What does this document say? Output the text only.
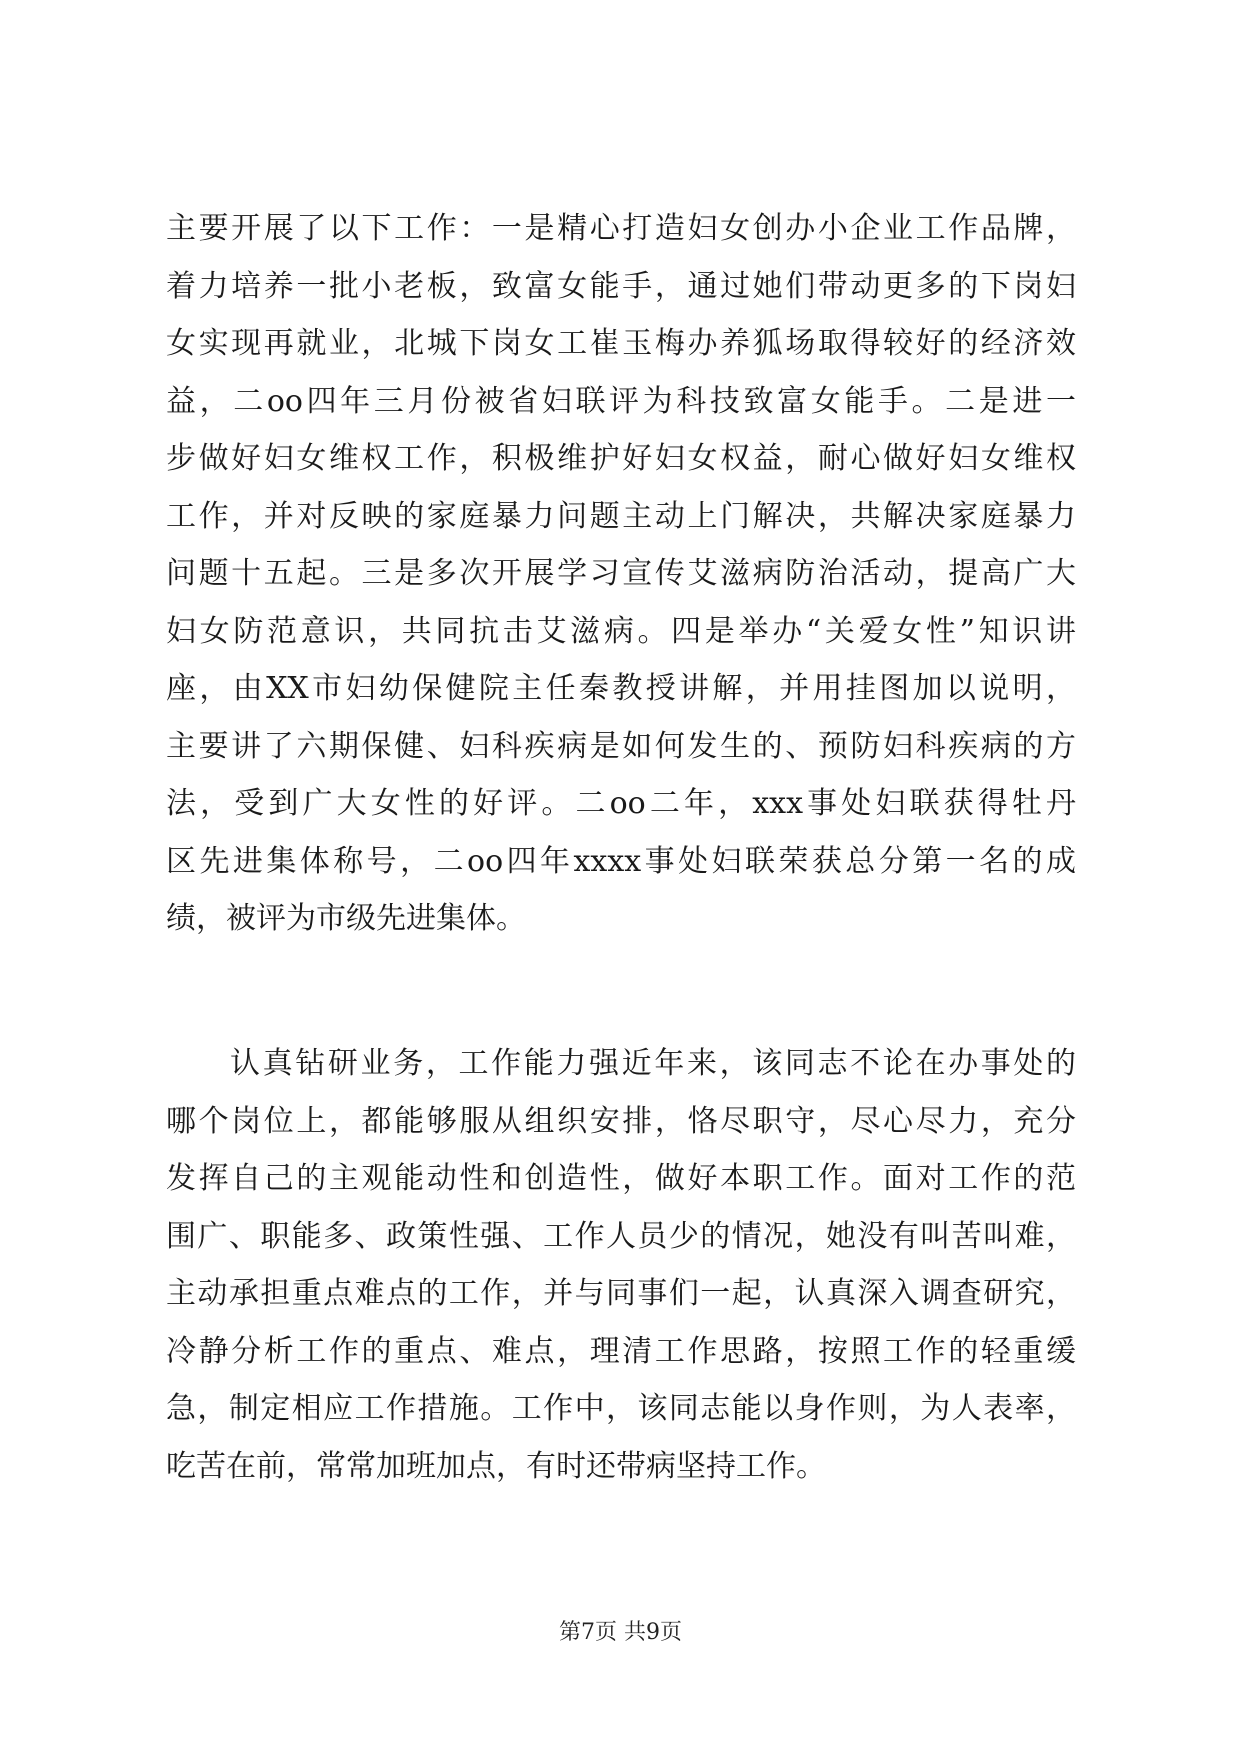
主要开展了以下工作：一是精心打造妇女创办小企业工作品牌，
着力培养一批小老板，致富女能手，通过她们带动更多的下岗妇
女实现再就业，北城下岗女工崔玉梅办养狐场取得较好的经济效
益，二oo四年三月份被省妇联评为科技致富女能手。二是进一
步做好妇女维权工作，积极维护好妇女权益，耐心做好妇女维权
工作，并对反映的家庭暴力问题主动上门解决，共解决家庭暴力
问题十五起。三是多次开展学习宣传艾滋病防治活动，提高广大
妇女防范意识，共同抗击艾滋病。四是举办“关爱女性”知识讲
座，由XX市妇幼保健院主任秦教授讲解，并用挂图加以说明，
主要讲了六期保健、妇科疾病是如何发生的、预防妇科疾病的方
法，受到广大女性的好评。二oo二年，xxx事处妇联获得牡丹
区先进集体称号，二oo四年xxxx事处妇联荣获总分第一名的成
绩，被评为市级先进集体。
认真钻研业务，工作能力强近年来，该同志不论在办事处的
哪个岗位上，都能够服从组织安排，恪尽职守，尽心尽力，充分
发挥自己的主观能动性和创造性，做好本职工作。面对工作的范
围广、职能多、政策性强、工作人员少的情况，她没有叫苦叫难，
主动承担重点难点的工作，并与同事们一起，认真深入调查研究，
冷静分析工作的重点、难点，理清工作思路，按照工作的轻重缓
急，制定相应工作措施。工作中，该同志能以身作则，为人表率，
吃苦在前，常常加班加点，有时还带病坚持工作。
第7页 共9页
